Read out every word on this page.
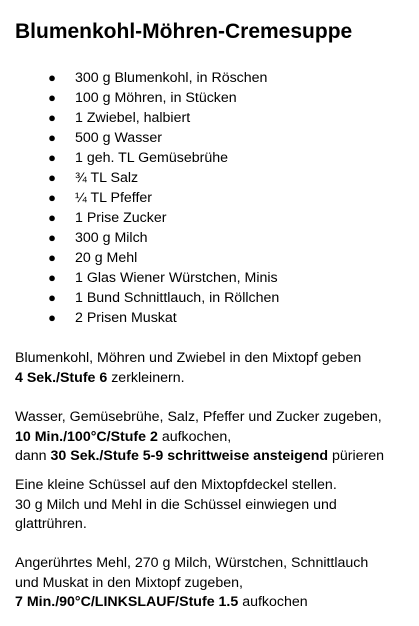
Blumenkohl-Möhren-Cremesuppe
● 300 g Blumenkohl, in Röschen
● 100 g Möhren, in Stücken
● 1 Zwiebel, halbiert
● 500 g Wasser
● 1 geh. TL Gemüsebrühe
● ¾ TL Salz
● ¼ TL Pfeffer
● 1 Prise Zucker
● 300 g Milch
● 20 g Mehl
● 1 Glas Wiener Würstchen, Minis
● 1 Bund Schnittlauch, in Röllchen
● 2 Prisen Muskat

Blumenkohl, Möhren und Zwiebel in den Mixtopf geben
4 Sek./Stufe 6 zerkleinern.

Wasser, Gemüsebrühe, Salz, Pfeffer und Zucker zugeben,
10 Min./100°C/Stufe 2 aufkochen,
dann 30 Sek./Stufe 5-9 schrittweise ansteigend pürieren

Eine kleine Schüssel auf den Mixtopfdeckel stellen.
30 g Milch und Mehl in die Schüssel einwiegen und
glattrühren.

Angerührtes Mehl, 270 g Milch, Würstchen, Schnittlauch
und Muskat in den Mixtopf zugeben,
7 Min./90°C/LINKSLAUF/Stufe 1.5 aufkochen
